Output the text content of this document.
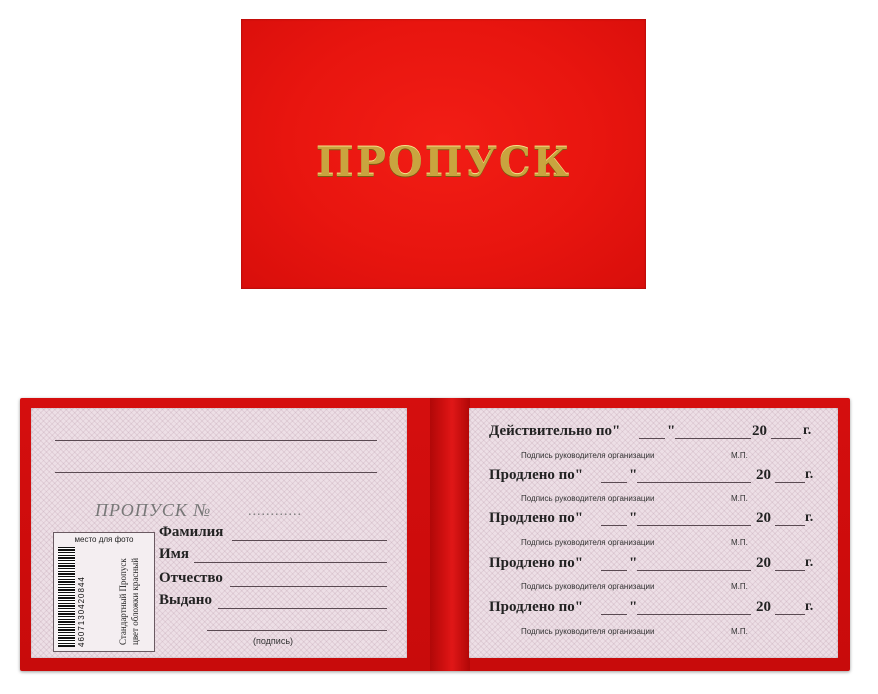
ПРОПУСК
ПРОПУСК №	............
место для фото
4607130420844	Стандартный Пропуск цвет обложки красный
Фамилия
Имя
Отчество
Выдано
(подпись)
Действительно по"	"	20	г.
Подпись руководителя организации	М.П.
Продлено по"	"	20 г.
Подпись руководителя организации	М.П.
Продлено по"	"	20 г.
Подпись руководителя организации	М.П.
Продлено по"	"	20 г.
Подпись руководителя организации	М.П.
Продлено по"	"	20 г.
Подпись руководителя организации	М.П.
